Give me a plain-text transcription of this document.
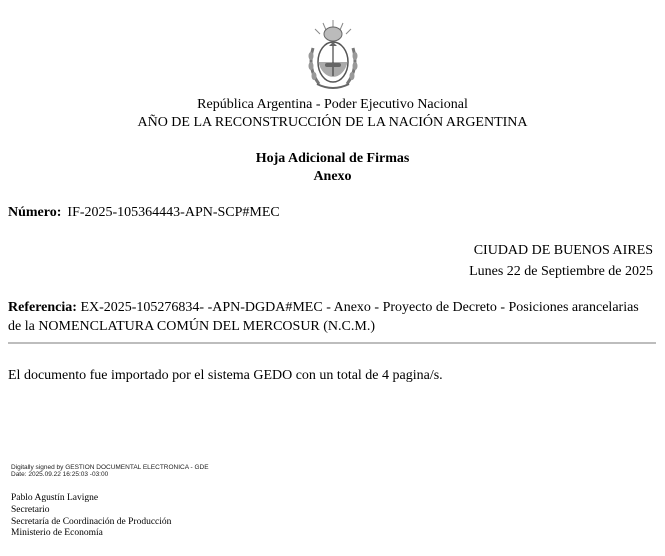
República Argentina - Poder Ejecutivo Nacional
AÑO DE LA RECONSTRUCCIÓN DE LA NACIÓN ARGENTINA
Hoja Adicional de Firmas
Anexo
Número: IF-2025-105364443-APN-SCP#MEC
CIUDAD DE BUENOS AIRES
Lunes 22 de Septiembre de 2025
Referencia: EX-2025-105276834- -APN-DGDA#MEC - Anexo - Proyecto de Decreto - Posiciones arancelarias de la NOMENCLATURA COMÚN DEL MERCOSUR (N.C.M.)
El documento fue importado por el sistema GEDO con un total de 4 pagina/s.
Digitally signed by GESTION DOCUMENTAL ELECTRONICA - GDE
Date: 2025.09.22 16:25:03 -03:00
Pablo Agustín Lavigne
Secretario
Secretaría de Coordinación de Producción
Ministerio de Economía
